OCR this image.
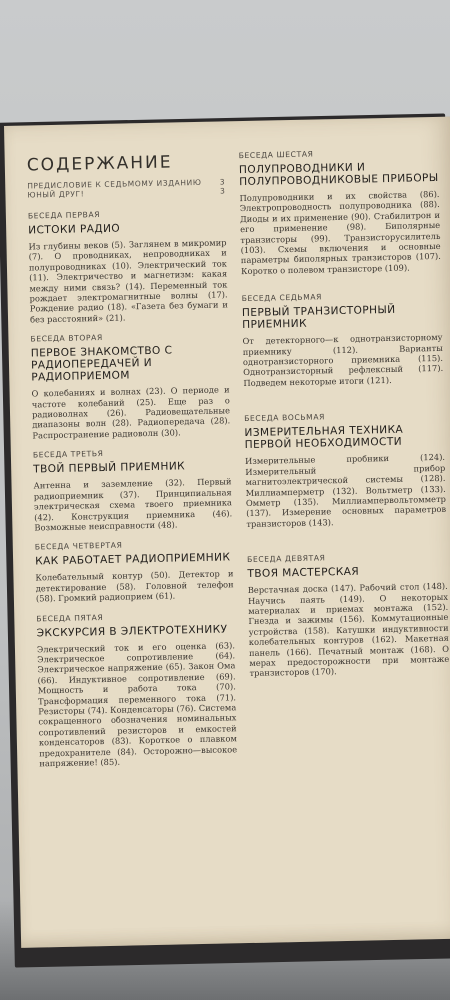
СОДЕРЖАНИЕ
ПРЕДИСЛОВИЕ К СЕДЬМОМУ ИЗДАНИЮ 3
ЮНЫЙ ДРУГ!	3
БЕСЕДА ПЕРВАЯ
ИСТОКИ РАДИО
Из глубины веков (5). Заглянем в микромир (7). О проводниках, непроводниках и полупроводниках (10). Электрический ток (11). Электричество и магнетизм: какая между ними связь? (14). Переменный ток рождает электромагнитные волны (17). Рождение радио (18). «Газета без бумаги и без расстояний» (21).
БЕСЕДА ВТОРАЯ
ПЕРВОЕ ЗНАКОМСТВО С РАДИОПЕРЕДАЧЕЙ И РАДИОПРИЕМОМ
О колебаниях и волнах (23). О периоде и частоте колебаний (25). Еще раз о радиоволнах (26). Радиовещательные диапазоны волн (28). Радиопередача (28). Распространение радиоволн (30).
БЕСЕДА ТРЕТЬЯ
ТВОЙ ПЕРВЫЙ ПРИЕМНИК
Антенна и заземление (32). Первый радиоприемник (37). Принципиальная электрическая схема твоего приемника (42). Конструкция приемника (46). Возможные неисправности (48).
БЕСЕДА ЧЕТВЕРТАЯ
КАК РАБОТАЕТ РАДИОПРИЕМНИК
Колебательный контур (50). Детектор и детектирование (58). Головной телефон (58). Громкий радиоприем (61).
БЕСЕДА ПЯТАЯ
ЭКСКУРСИЯ В ЭЛЕКТРОТЕХНИКУ
Электрический ток и его оценка (63). Электрическое сопротивление (64). Электрическое напряжение (65). Закон Ома (66). Индуктивное сопротивление (69). Мощность и работа тока (70). Трансформация переменного тока (71). Резисторы (74). Конденсаторы (76). Система сокращенного обозначения номинальных сопротивлений резисторов и емкостей конденсаторов (83). Короткое о плавком предохранителе (84). Осторожно—высокое напряжение! (85).
БЕСЕДА ШЕСТАЯ
ПОЛУПРОВОДНИКИ И ПОЛУПРОВОДНИКОВЫЕ ПРИБОРЫ
Полупроводники и их свойства (86). Электропроводность полупроводника (88). Диоды и их применение (90). Стабилитрон и его применение (98). Биполярные транзисторы (99). Транзисторусилитель (103). Схемы включения и основные параметры биполярных транзисторов (107). Коротко о полевом транзисторе (109).
БЕСЕДА СЕДЬМАЯ
ПЕРВЫЙ ТРАНЗИСТОРНЫЙ ПРИЕМНИК
От детекторного—к однотранзисторному приемнику (112). Варианты однотранзисторного приемника (115). Однотранзисторный рефлексный (117). Подведем некоторые итоги (121).
БЕСЕДА ВОСЬМАЯ
ИЗМЕРИТЕЛЬНАЯ ТЕХНИКА ПЕРВОЙ НЕОБХОДИМОСТИ
Измерительные пробники (124). Измерительный прибор магнитоэлектрической системы (128). Миллиамперметр (132). Вольтметр (133). Омметр (135). Миллиампервольтомметр (137). Измерение основных параметров транзисторов (143).
БЕСЕДА ДЕВЯТАЯ
ТВОЯ МАСТЕРСКАЯ
Верстачная доска (147). Рабочий стол (148). Научись паять (149). О некоторых материалах и приемах монтажа (152). Гнезда и зажимы (156). Коммутационные устройства (158). Катушки индуктивности колебательных контуров (162). Макетная панель (166). Печатный монтаж (168). О мерах предосторожности при монтаже транзисторов (170).
